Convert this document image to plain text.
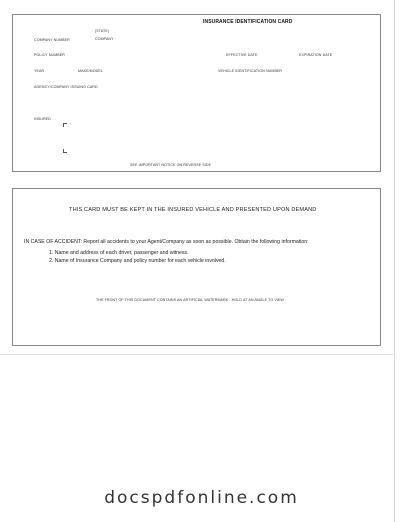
INSURANCE IDENTIFICATION CARD
(STATE)
COMPANY NUMBER	COMPANY
POLICY NUMBER	EFFECTIVE DATE	EXPIRATION DATE
YEAR	MAKE/MODEL	VEHICLE IDENTIFICATION NUMBER
AGENCY/COMPANY ISSUING CARD
INSURED
SEE IMPORTANT NOTICE ON REVERSE SIDE
THIS CARD MUST BE KEPT IN THE INSURED VEHICLE AND PRESENTED UPON DEMAND
IN CASE OF ACCIDENT: Report all accidents to your Agent/Company as soon as possible. Obtain the following information:
1. Name and address of each driver, passenger and witness.
2. Name of Insurance Company and policy number for each vehicle involved.
THE FRONT OF THIS DOCUMENT CONTAINS AN ARTIFICIAL WATERMARK - HOLD AT AN ANGLE TO VIEW
docspdfonline.com
